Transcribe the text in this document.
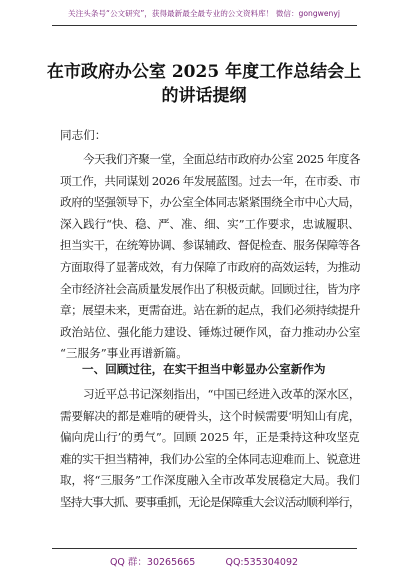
关注头条号“公文研究”，获得最新最全最专业的公文资料库！ 微信：gongwenyj
在市政府办公室 2025 年度工作总结会上
的讲话提纲
同志们：
今天我们齐聚一堂，全面总结市政府办公室 2025 年度各
项工作，共同谋划 2026 年发展蓝图。过去一年，在市委、市
政府的坚强领导下，办公室全体同志紧紧围绕全市中心大局，
深入践行“快、稳、严、准、细、实”工作要求，忠诚履职、
担当实干，在统筹协调、参谋辅政、督促检查、服务保障等各
方面取得了显著成效，有力保障了市政府的高效运转，为推动
全市经济社会高质量发展作出了积极贡献。回顾过往，皆为序
章；展望未来，更需奋进。站在新的起点，我们必须持续提升
政治站位、强化能力建设、锤炼过硬作风，奋力推动办公室
“三服务”事业再谱新篇。
一、回顾过往，在实干担当中彰显办公室新作为
习近平总书记深刻指出，“中国已经进入改革的深水区，
需要解决的都是难啃的硬骨头，这个时候需要‘明知山有虎，
偏向虎山行’的勇气”。回顾 2025 年，正是秉持这种攻坚克
难的实干担当精神，我们办公室的全体同志迎难而上、锐意进
取，将“三服务”工作深度融入全市改革发展稳定大局。我们
坚持大事大抓、要事重抓，无论是保障重大会议活动顺利举行，
QQ 群：30265665          QQ:535304092
